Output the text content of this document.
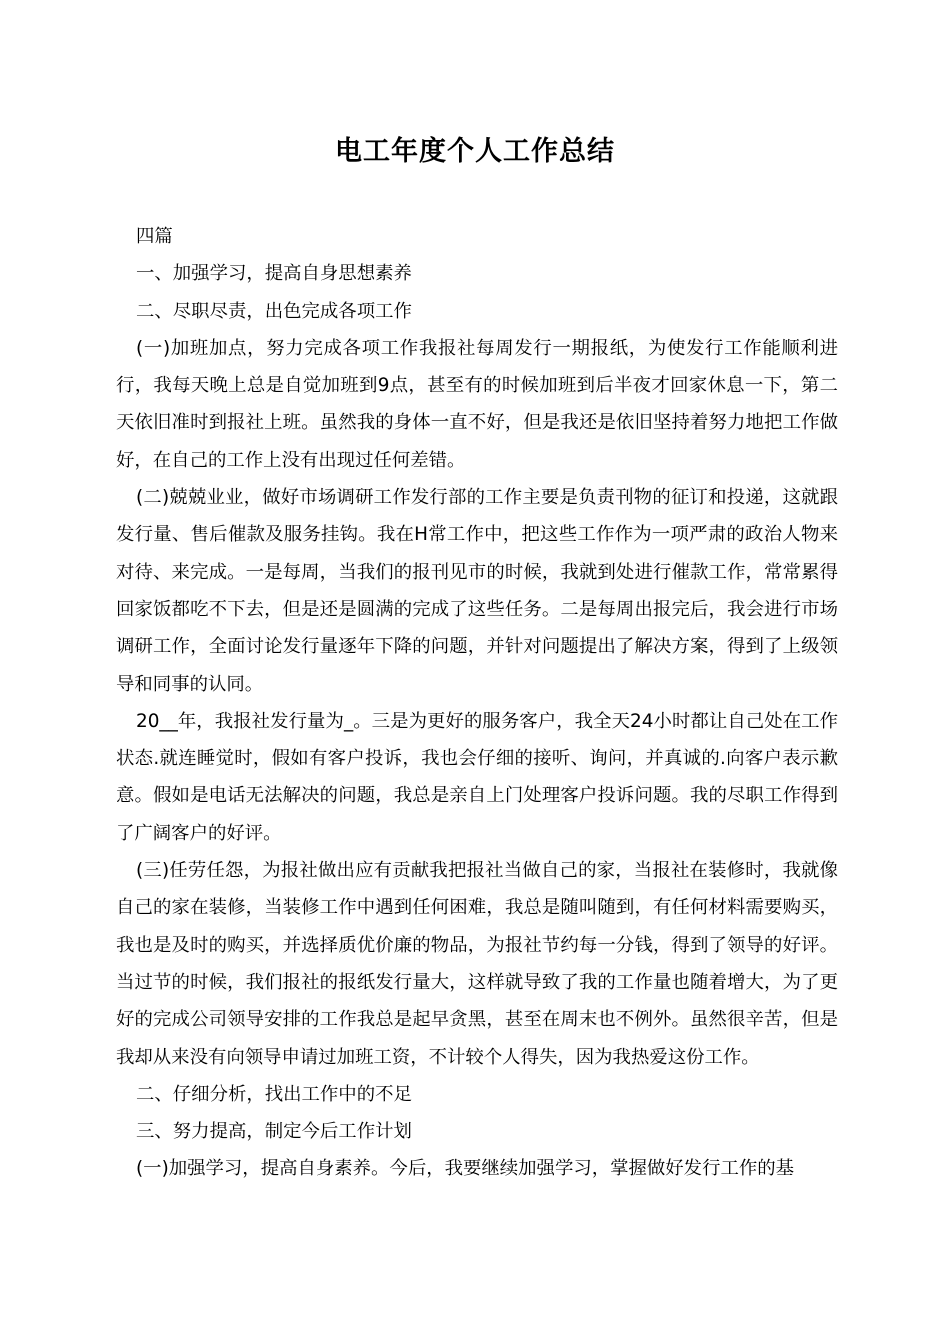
电工年度个人工作总结

四篇

一、加强学习，提高自身思想素养

二、尽职尽责，出色完成各项工作

(一)加班加点，努力完成各项工作我报社每周发行一期报纸，为使发行工作能顺利进行，我每天晚上总是自觉加班到9点，甚至有的时候加班到后半夜才回家休息一下，第二天依旧准时到报社上班。虽然我的身体一直不好，但是我还是依旧坚持着努力地把工作做好，在自己的工作上没有出现过任何差错。

(二)兢兢业业，做好市场调研工作发行部的工作主要是负责刊物的征订和投递，这就跟发行量、售后催款及服务挂钩。我在H常工作中，把这些工作作为一项严肃的政治人物来对待、来完成。一是每周，当我们的报刊见市的时候，我就到处进行催款工作，常常累得回家饭都吃不下去，但是还是圆满的完成了这些任务。二是每周出报完后，我会进行市场调研工作，全面讨论发行量逐年下降的问题，并针对问题提出了解决方案，得到了上级领导和同事的认同。

20__年，我报社发行量为_。三是为更好的服务客户，我全天24小时都让自己处在工作状态.就连睡觉时，假如有客户投诉，我也会仔细的接听、询问，并真诚的.向客户表示歉意。假如是电话无法解决的问题，我总是亲自上门处理客户投诉问题。我的尽职工作得到了广阔客户的好评。

(三)任劳任怨，为报社做出应有贡献我把报社当做自己的家，当报社在装修时，我就像自己的家在装修，当装修工作中遇到任何困难，我总是随叫随到，有任何材料需要购买，我也是及时的购买，并选择质优价廉的物品，为报社节约每一分钱，得到了领导的好评。当过节的时候，我们报社的报纸发行量大，这样就导致了我的工作量也随着增大，为了更好的完成公司领导安排的工作我总是起早贪黑，甚至在周末也不例外。虽然很辛苦，但是我却从来没有向领导申请过加班工资，不计较个人得失，因为我热爱这份工作。

二、仔细分析，找出工作中的不足

三、努力提高，制定今后工作计划

(一)加强学习，提高自身素养。今后，我要继续加强学习，掌握做好发行工作的基
